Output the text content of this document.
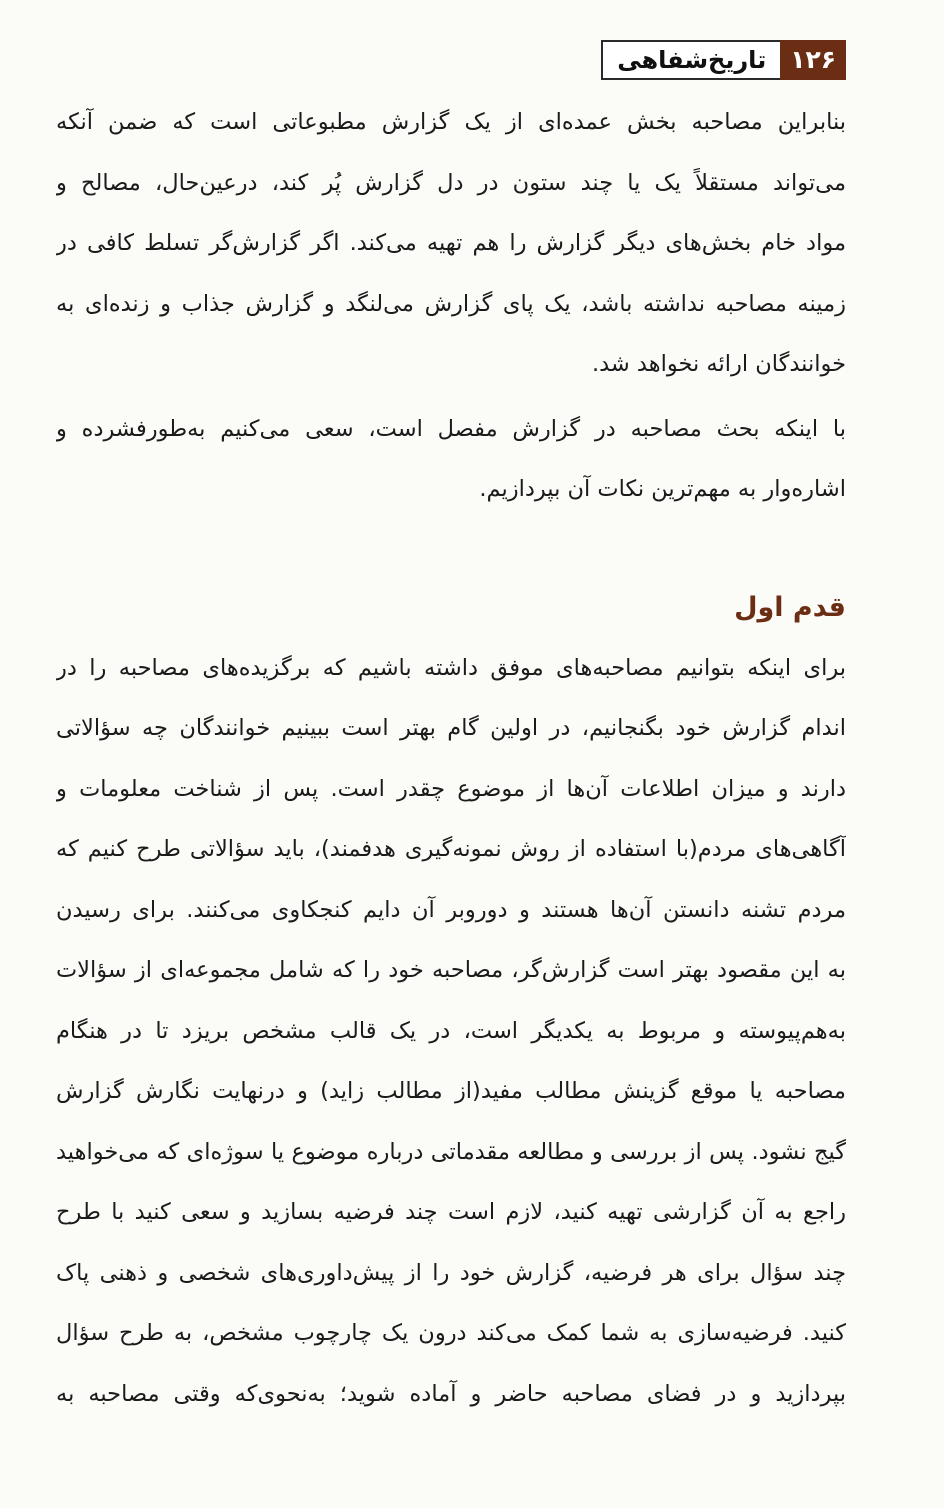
۱۲۶
تاریخ‌شفاهی
بنابراین مصاحبه بخش عمده‌ای از یک گزارش مطبوعاتی است که ضمن آنکه
می‌تواند مستقلاً یک یا چند ستون در دل گزارش پُر کند، درعین‌حال، مصالح و
مواد خام بخش‌های دیگر گزارش را هم تهیه می‌کند. اگر گزارش‌گر تسلط کافی در
زمینه مصاحبه نداشته باشد، یک پای گزارش می‌لنگد و گزارش جذاب و زنده‌ای به
خوانندگان ارائه نخواهد شد.
با اینکه بحث مصاحبه در گزارش مفصل است، سعی می‌کنیم به‌طورفشرده و
اشاره‌وار به مهم‌ترین نکات آن بپردازیم.
قدم اول
برای اینکه بتوانیم مصاحبه‌های موفق داشته باشیم که برگزیده‌های مصاحبه را در
اندام گزارش خود بگنجانیم، در اولین گام بهتر است ببینیم خوانندگان چه سؤالاتی
دارند و میزان اطلاعات آن‌ها از موضوع چقدر است. پس از شناخت معلومات و
آگاهی‌های مردم(با استفاده از روش نمونه‌گیری هدفمند)، باید سؤالاتی طرح کنیم که
مردم تشنه دانستن آن‌ها هستند و دوروبر آن دایم کنجکاوی می‌کنند. برای رسیدن
به این مقصود بهتر است گزارش‌گر، مصاحبه خود را که شامل مجموعه‌ای از سؤالات
به‌هم‌پیوسته و مربوط به یکدیگر است، در یک قالب مشخص بریزد تا در هنگام
مصاحبه یا موقع گزینش مطالب مفید(از مطالب زاید) و درنهایت نگارش گزارش
گیج نشود. پس از بررسی و مطالعه مقدماتی درباره موضوع یا سوژه‌ای که می‌خواهید
راجع به آن گزارشی تهیه کنید، لازم است چند فرضیه بسازید و سعی کنید با طرح
چند سؤال برای هر فرضیه، گزارش خود را از پیش‌داوری‌های شخصی و ذهنی پاک
کنید. فرضیه‌سازی به شما کمک می‌کند درون یک چارچوب مشخص، به طرح سؤال
بپردازید و در فضای مصاحبه حاضر و آماده شوید؛ به‌نحوی‌که وقتی مصاحبه به
